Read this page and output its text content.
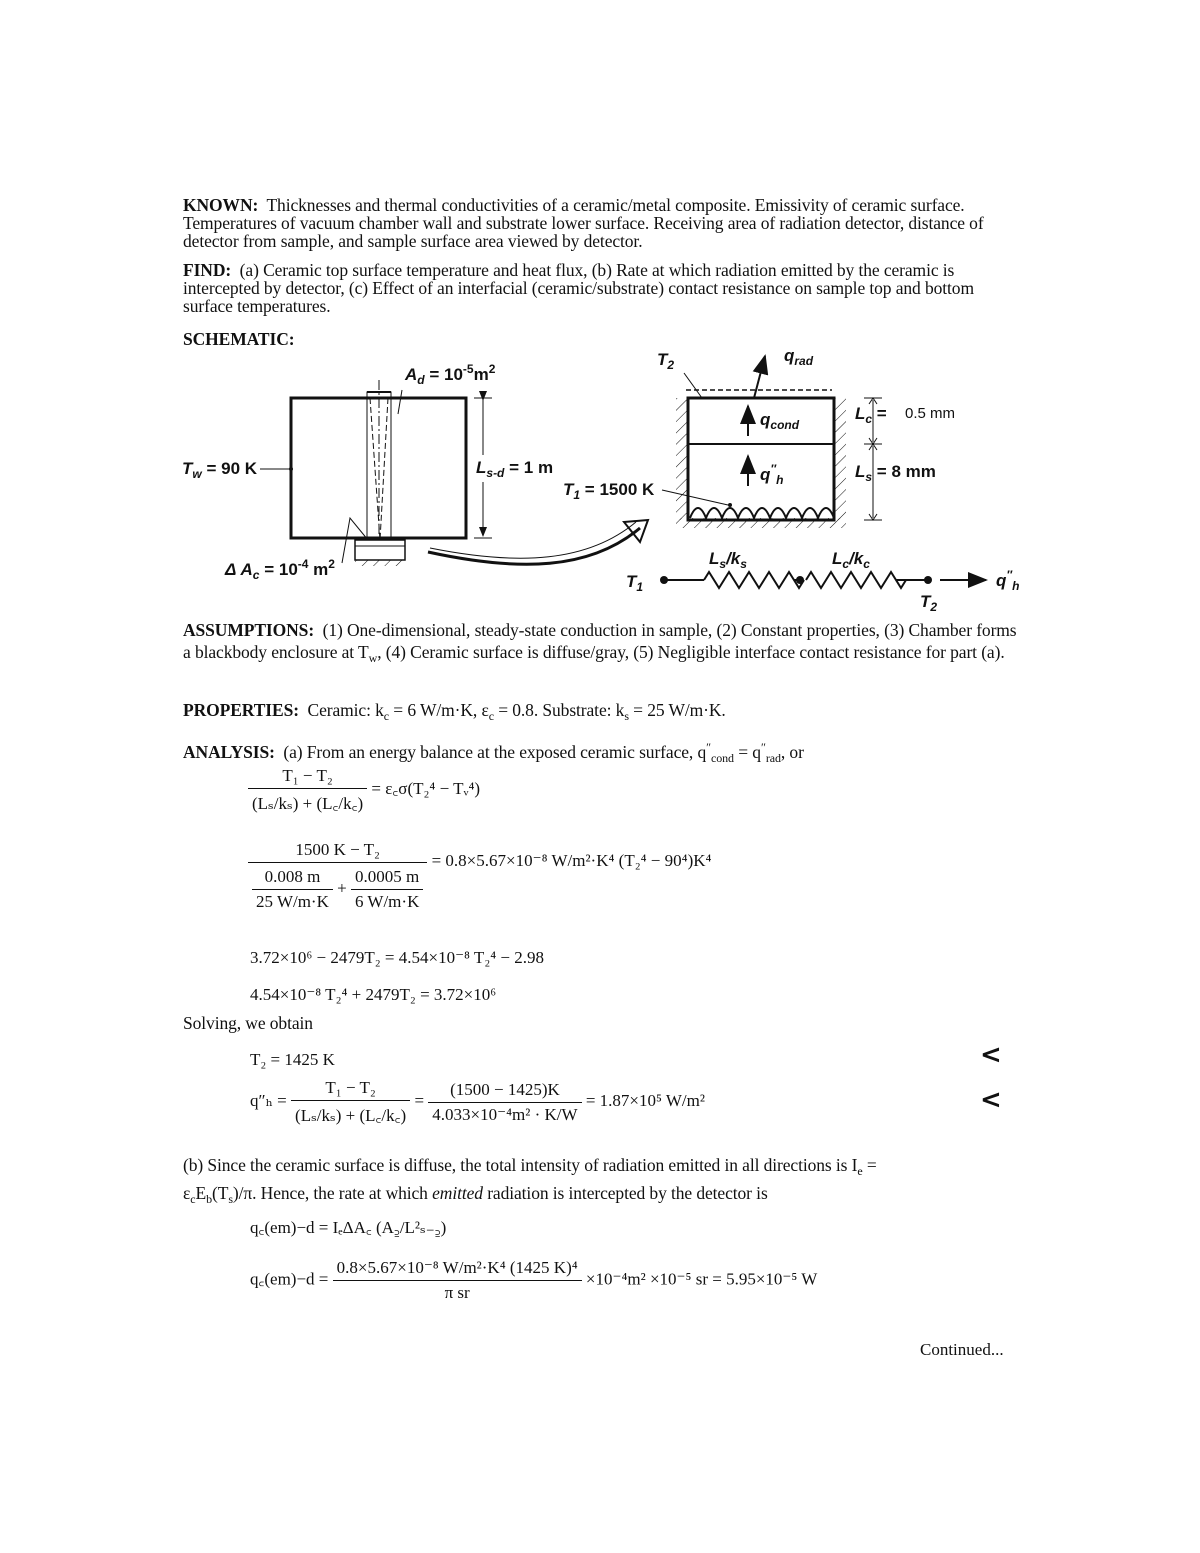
KNOWN: Thicknesses and thermal conductivities of a ceramic/metal composite. Emissivity of ceramic surface. Temperatures of vacuum chamber wall and substrate lower surface. Receiving area of radiation detector, distance of detector from sample, and sample surface area viewed by detector.
FIND: (a) Ceramic top surface temperature and heat flux, (b) Rate at which radiation emitted by the ceramic is intercepted by detector, (c) Effect of an interfacial (ceramic/substrate) contact resistance on sample top and bottom surface temperatures.
SCHEMATIC:
$A_d = 10^{-5}m^2$
$T_w = 90$ K	$L_{s-d} = 1$ m
Δ $A_c = 10^{-4}$ $m^2$
$T_2$	$q_{rad}$
$q_{cond}$
$q''_h$
$L_c = 0.5$ mm
$L_s = 8$ mm
$T_1 = 1500$ K
$T_1$
$L_s/k_s$	$L_c/k_c$
$T_2$
$q''_h$
ASSUMPTIONS: (1) One-dimensional, steady-state conduction in sample, (2) Constant properties, (3) Chamber forms a blackbody enclosure at $T_w$, (4) Ceramic surface is diffuse/gray, (5) Negligible interface contact resistance for part (a).
PROPERTIES: Ceramic: $k_c = 6$ W/m·K, $\varepsilon_c = 0.8$. Substrate: $k_s = 25$ W/m·K.
ANALYSIS: (a) From an energy balance at the exposed ceramic surface, $q''_{cond} = q''_{rad}$, or
$\frac{\text{T₁ − T₂}}{\text{(Lₛ/kₛ) + (L꜀/k꜀)}}$ = ε꜀σ(T₂⁴ − Tᵥ⁴)
$\frac{\text{1500 K − T₂}}{\frac{0.008 m}{25 W/m\cdot K} + \frac{0.0005 m}{6 W/m\cdot K}} = 0.8\times 5.67\times 10^{-8}$ W/m²·K⁴ (T₂⁴ − 90⁴)K⁴
3.72×10⁶ − 2479T₂ = 4.54×10⁻⁸ T₂⁴ − 2.98
4.54×10⁻⁸ T₂⁴ + 2479T₂ = 3.72×10⁶
Solving, we obtain
T₂ = 1425 K	<
$q''_h = \frac{\text{T₁ − T₂}}{\text{(Lₛ/kₛ) + (L꜀/k꜀)}} = \frac{(1500 - 1425)K}{\text{4.033×10⁻⁴m² · K/W}} = 1.87\times 10^5$ W/m²	<
(b) Since the ceramic surface is diffuse, the total intensity of radiation emitted in all directions is $I_e$ =
$\varepsilon_cE_b(T_s)/\pi$. Hence, the rate at which emitted radiation is intercepted by the detector is
q꜀(em)−d = IₑΔA꜀ (A꜇/L²ₛ₋꜇)
q꜀(em)−d = $\frac{\text{0.8×5.67×10⁻⁸ W/m²·K⁴ (1425 K)⁴}}{\text{π sr}} \times 10^{-4}m^2 \times 10^{-5}$ sr = 5.95×10⁻⁵ W
Continued...
